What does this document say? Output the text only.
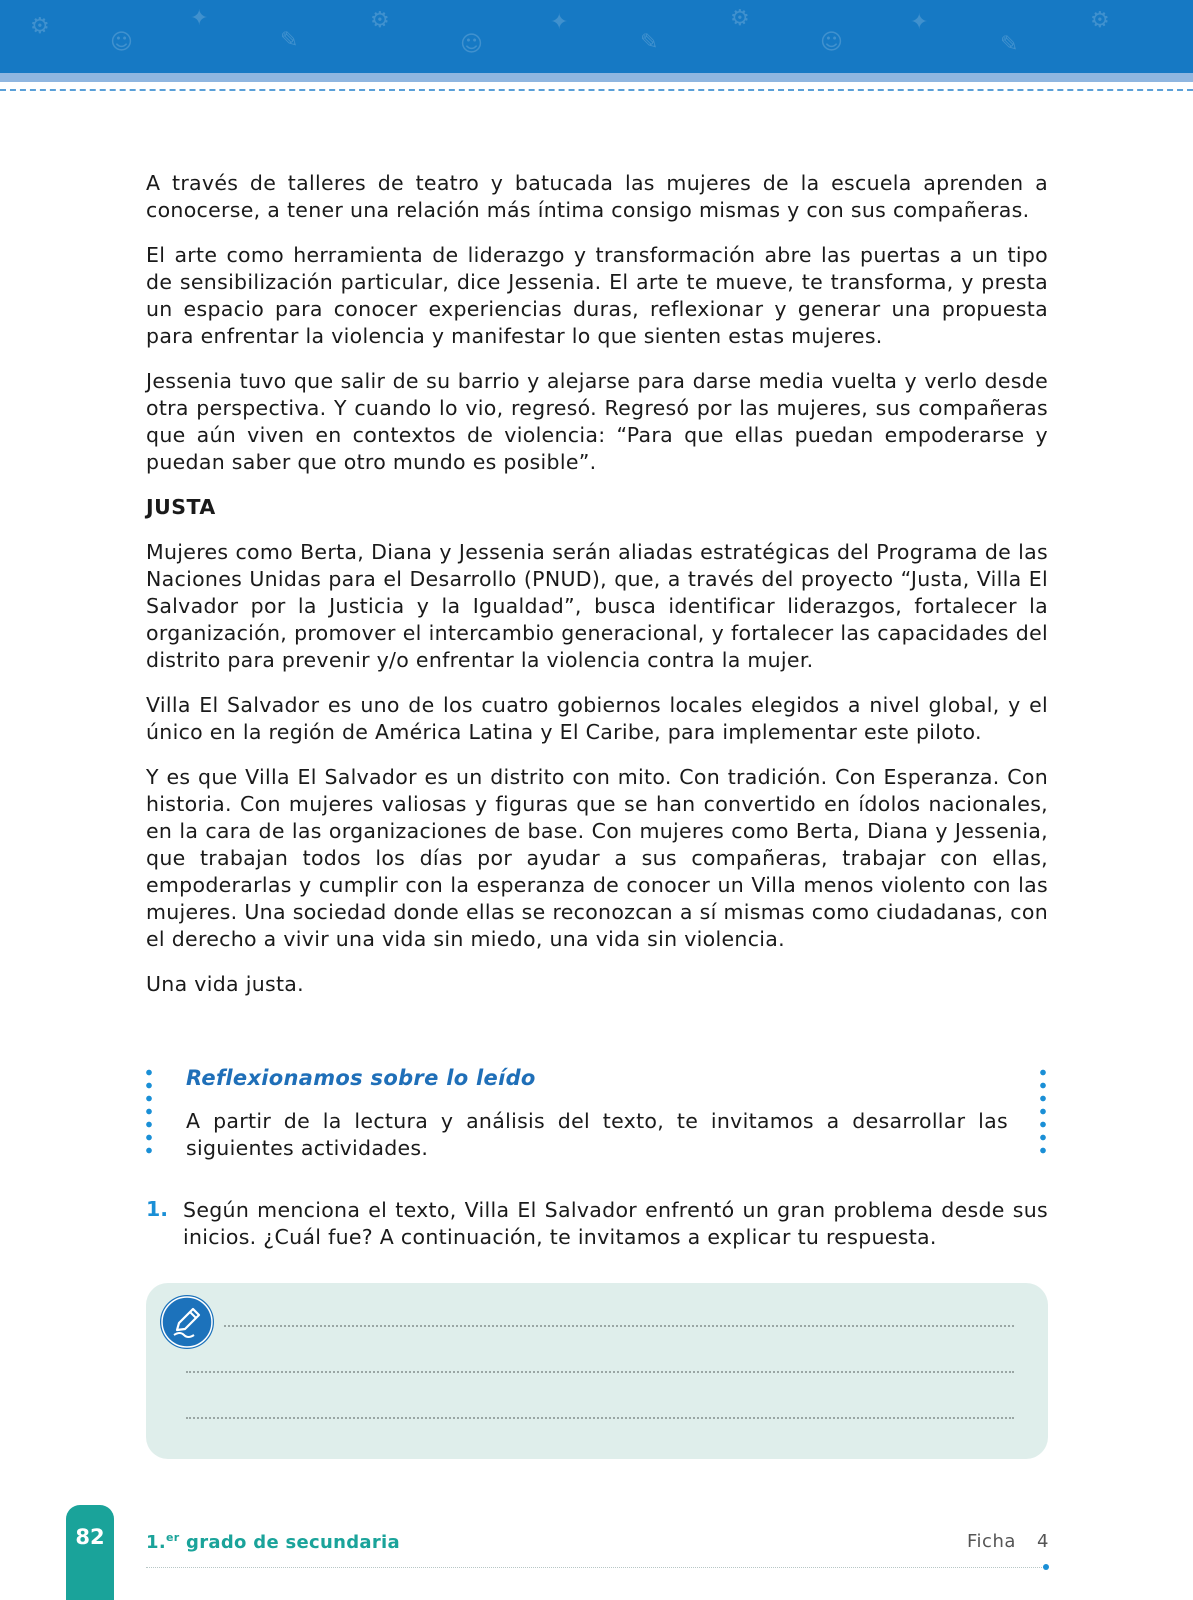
⚙
☺
✦
✎
⚙
☺
✦
✎
⚙
☺
✦
✎
⚙

A través de talleres de teatro y batucada las mujeres de la escuela aprenden a conocerse, a tener una relación más íntima consigo mismas y con sus compañeras.

El arte como herramienta de liderazgo y transformación abre las puertas a un tipo de sensibilización particular, dice Jessenia. El arte te mueve, te transforma, y presta un espacio para conocer experiencias duras, reflexionar y generar una propuesta para enfrentar la violencia y manifestar lo que sienten estas mujeres.

Jessenia tuvo que salir de su barrio y alejarse para darse media vuelta y verlo desde otra perspectiva. Y cuando lo vio, regresó. Regresó por las mujeres, sus compañeras que aún viven en contextos de violencia: “Para que ellas puedan empoderarse y puedan saber que otro mundo es posible”.

JUSTA

Mujeres como Berta, Diana y Jessenia serán aliadas estratégicas del Programa de las Naciones Unidas para el Desarrollo (PNUD), que, a través del proyecto “Justa, Villa El Salvador por la Justicia y la Igualdad”, busca identificar liderazgos, fortalecer la organización, promover el intercambio generacional, y fortalecer las capacidades del distrito para prevenir y/o enfrentar la violencia contra la mujer.

Villa El Salvador es uno de los cuatro gobiernos locales elegidos a nivel global, y el único en la región de América Latina y El Caribe, para implementar este piloto.

Y es que Villa El Salvador es un distrito con mito. Con tradición. Con Esperanza. Con historia. Con mujeres valiosas y figuras que se han convertido en ídolos nacionales, en la cara de las organizaciones de base. Con mujeres como Berta, Diana y Jessenia, que trabajan todos los días por ayudar a sus compañeras, trabajar con ellas, empoderarlas y cumplir con la esperanza de conocer un Villa menos violento con las mujeres. Una sociedad donde ellas se reconozcan a sí mismas como ciudadanas, con el derecho a vivir una vida sin miedo, una vida sin violencia.

Una vida justa.

Reflexionamos sobre lo leído
A partir de la lectura y análisis del texto, te invitamos a desarrollar las siguientes actividades.
1. Según menciona el texto, Villa El Salvador enfrentó un gran problema desde sus inicios. ¿Cuál fue? A continuación, te invitamos a explicar tu respuesta.
82	1.$^{er}$ grado de secundaria	Ficha 4
